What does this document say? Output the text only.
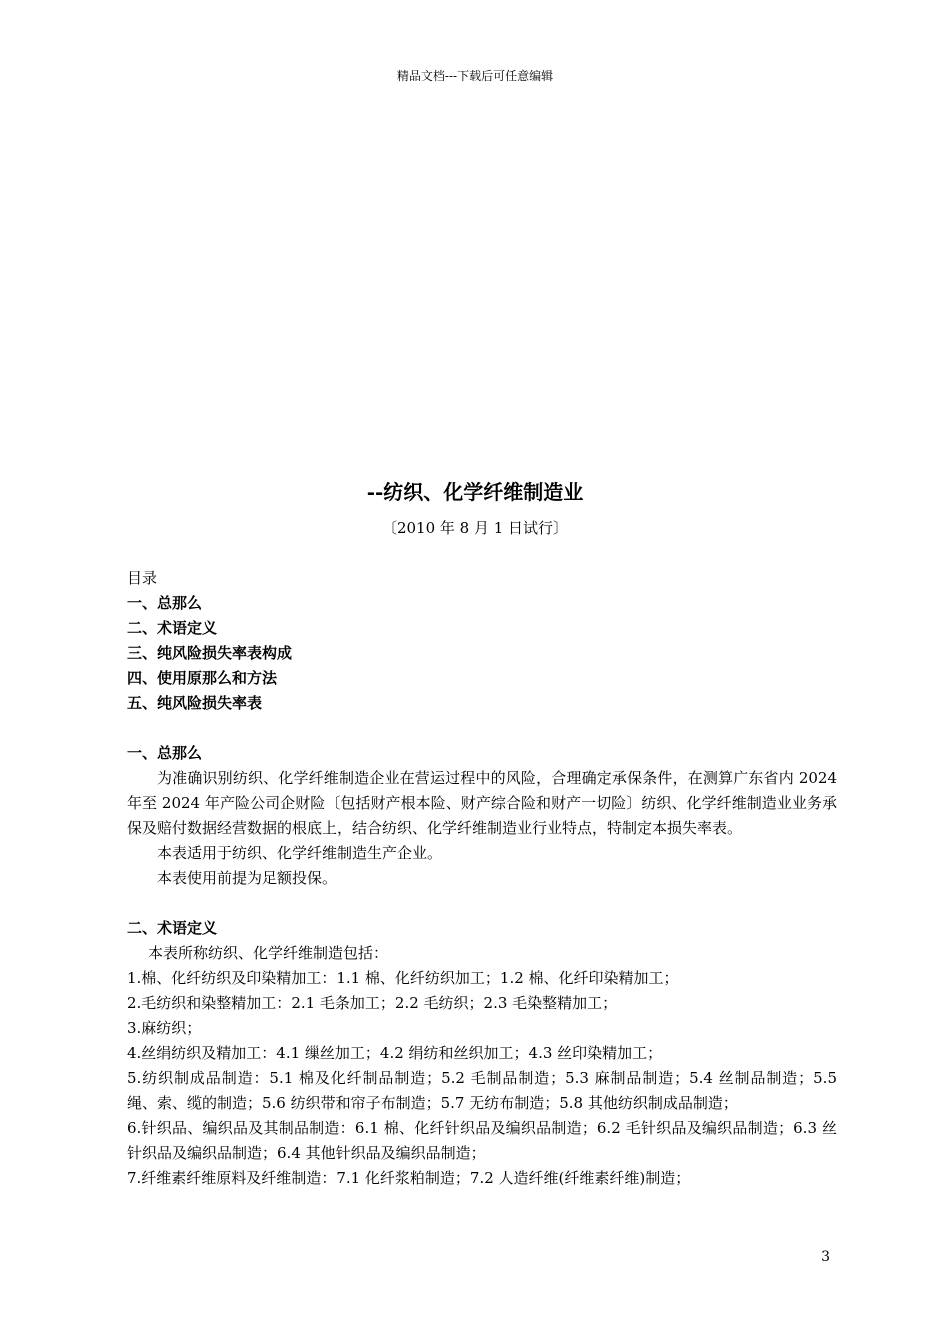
精品文档---下载后可任意编辑
--纺织、化学纤维制造业
〔2010 年 8 月 1 日试行〕
目录
一、总那么
二、术语定义
三、纯风险损失率表构成
四、使用原那么和方法
五、纯风险损失率表
一、总那么

为准确识别纺织、化学纤维制造企业在营运过程中的风险，合理确定承保条件，在测算广东省内 2024 年至 2024 年产险公司企财险〔包括财产根本险、财产综合险和财产一切险〕纺织、化学纤维制造业业务承保及赔付数据经营数据的根底上，结合纺织、化学纤维制造业行业特点，特制定本损失率表。

本表适用于纺织、化学纤维制造生产企业。

本表使用前提为足额投保。

二、术语定义

本表所称纺织、化学纤维制造包括：

1.棉、化纤纺织及印染精加工：1.1 棉、化纤纺织加工；1.2 棉、化纤印染精加工；

2.毛纺织和染整精加工：2.1 毛条加工；2.2 毛纺织；2.3 毛染整精加工；

3.麻纺织；

4.丝绢纺织及精加工：4.1 缫丝加工；4.2 绢纺和丝织加工；4.3 丝印染精加工；

5.纺织制成品制造：5.1 棉及化纤制品制造；5.2 毛制品制造；5.3 麻制品制造；5.4 丝制品制造；5.5 绳、索、缆的制造；5.6 纺织带和帘子布制造；5.7 无纺布制造；5.8 其他纺织制成品制造；

6.针织品、编织品及其制品制造：6.1 棉、化纤针织品及编织品制造；6.2 毛针织品及编织品制造；6.3 丝针织品及编织品制造；6.4 其他针织品及编织品制造；

7.纤维素纤维原料及纤维制造：7.1 化纤浆粕制造；7.2 人造纤维(纤维素纤维)制造；

3
